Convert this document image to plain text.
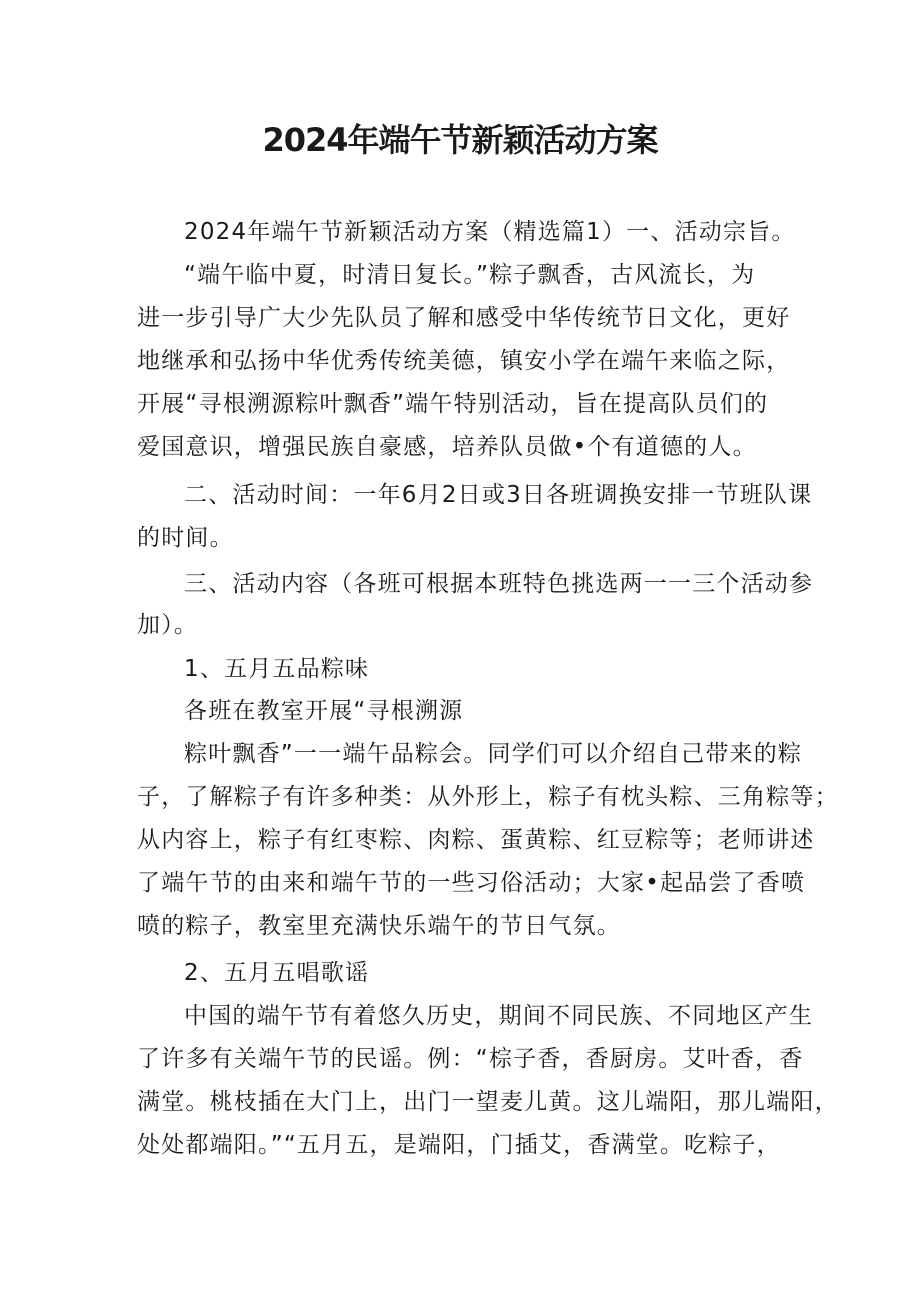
2024年端午节新颖活动方案
2024年端午节新颖活动方案（精选篇1）一、活动宗旨。
“端午临中夏，时清日复长。”粽子飘香，古风流长，为
进一步引导广大少先队员了解和感受中华传统节日文化，更好
地继承和弘扬中华优秀传统美德，镇安小学在端午来临之际，
开展“寻根溯源粽叶飘香”端午特别活动，旨在提高队员们的
爱国意识，增强民族自豪感，培养队员做•个有道德的人。
二、活动时间：一年6月2日或3日各班调换安排一节班队课
的时间。
三、活动内容（各班可根据本班特色挑选两一一三个活动参
加）。
1、五月五品粽味
各班在教室开展“寻根溯源
粽叶飘香”一一端午品粽会。同学们可以介绍自己带来的粽
子，了解粽子有许多种类：从外形上，粽子有枕头粽、三角粽等；
从内容上，粽子有红枣粽、肉粽、蛋黄粽、红豆粽等；老师讲述
了端午节的由来和端午节的一些习俗活动；大家•起品尝了香喷
喷的粽子，教室里充满快乐端午的节日气氛。
2、五月五唱歌谣
中国的端午节有着悠久历史，期间不同民族、不同地区产生
了许多有关端午节的民谣。例：“棕子香，香厨房。艾叶香，香
满堂。桃枝插在大门上，出门一望麦儿黄。这儿端阳，那儿端阳，
处处都端阳。”“五月五，是端阳，门插艾，香满堂。吃粽子，
